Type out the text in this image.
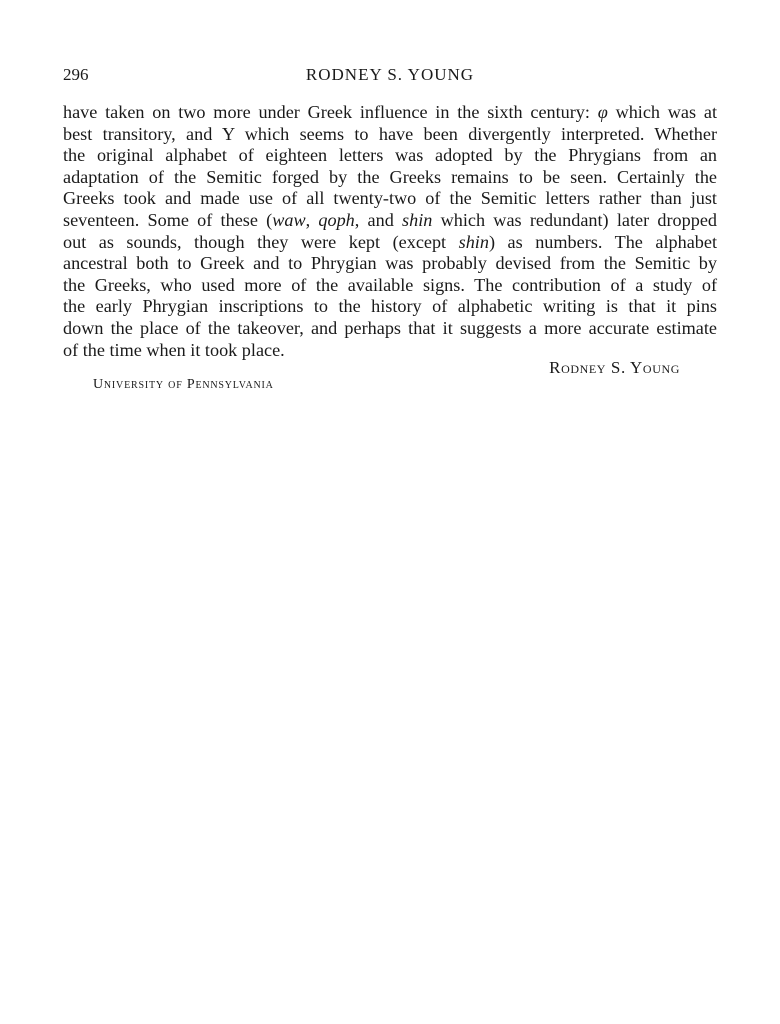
296	RODNEY S. YOUNG
have taken on two more under Greek influence in the sixth century: φ which was at
best transitory, and Y which seems to have been divergently interpreted. Whether
the original alphabet of eighteen letters was adopted by the Phrygians from an
adaptation of the Semitic forged by the Greeks remains to be seen. Certainly the
Greeks took and made use of all twenty-two of the Semitic letters rather than just
seventeen. Some of these (waw, qoph, and shin which was redundant) later dropped
out as sounds, though they were kept (except shin) as numbers. The alphabet
ancestral both to Greek and to Phrygian was probably devised from the Semitic by
the Greeks, who used more of the available signs. The contribution of a study of
the early Phrygian inscriptions to the history of alphabetic writing is that it pins
down the place of the takeover, and perhaps that it suggests a more accurate estimate
of the time when it took place.
Rodney S. Young
University of Pennsylvania
